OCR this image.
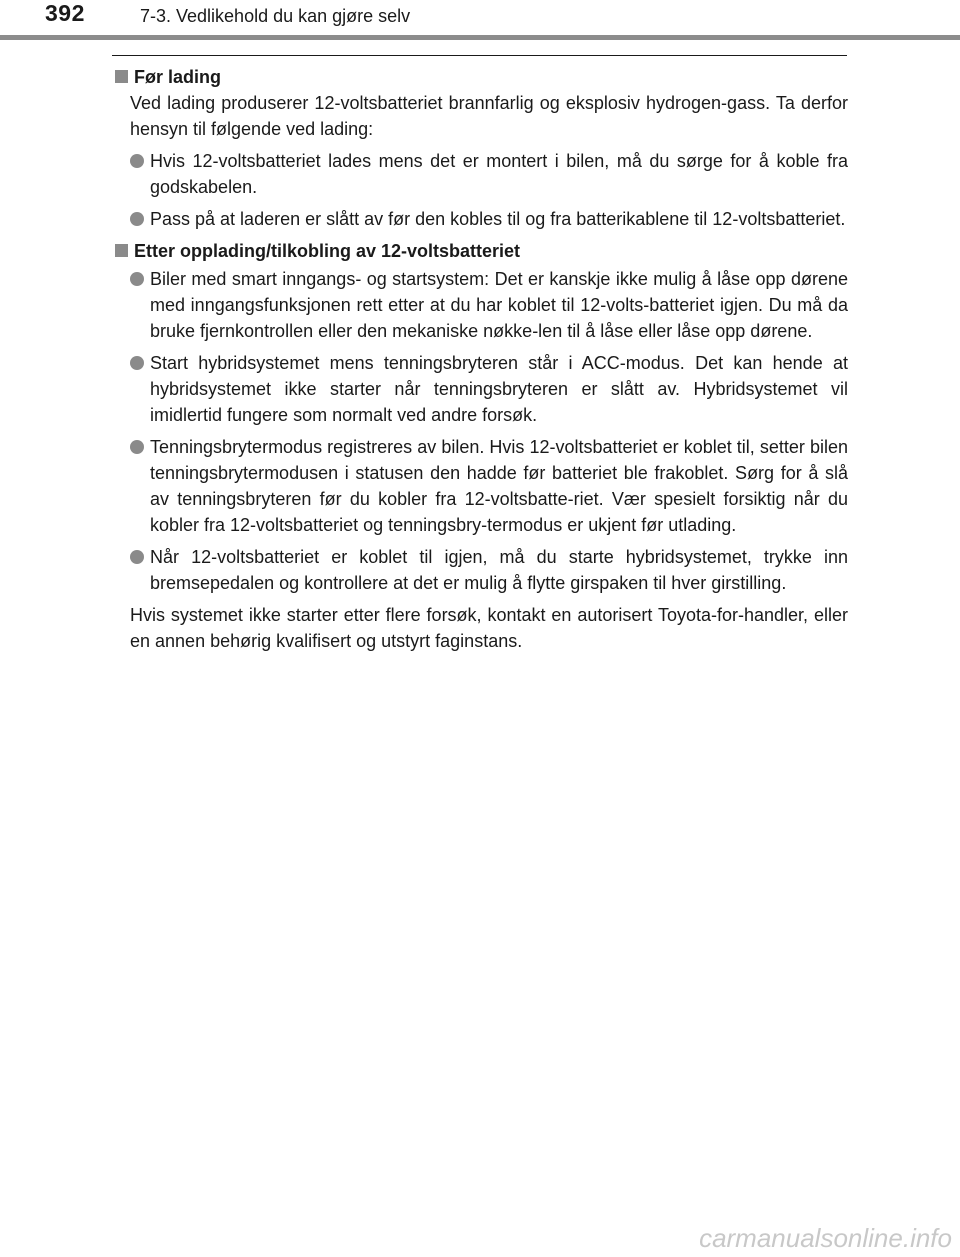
392	7-3. Vedlikehold du kan gjøre selv
Før lading

Ved lading produserer 12-voltsbatteriet brannfarlig og eksplosiv hydrogen-gass. Ta derfor hensyn til følgende ved lading:

Hvis 12-voltsbatteriet lades mens det er montert i bilen, må du sørge for å koble fra godskabelen.
Pass på at laderen er slått av før den kobles til og fra batterikablene til 12-voltsbatteriet.
Etter opplading/tilkobling av 12-voltsbatteriet
Biler med smart inngangs- og startsystem: Det er kanskje ikke mulig å låse opp dørene med inngangsfunksjonen rett etter at du har koblet til 12-volts-batteriet igjen. Du må da bruke fjernkontrollen eller den mekaniske nøkke-len til å låse eller låse opp dørene.
Start hybridsystemet mens tenningsbryteren står i ACC-modus. Det kan hende at hybridsystemet ikke starter når tenningsbryteren er slått av. Hybridsystemet vil imidlertid fungere som normalt ved andre forsøk.
Tenningsbrytermodus registreres av bilen. Hvis 12-voltsbatteriet er koblet til, setter bilen tenningsbrytermodusen i statusen den hadde før batteriet ble frakoblet. Sørg for å slå av tenningsbryteren før du kobler fra 12-voltsbatte-riet. Vær spesielt forsiktig når du kobler fra 12-voltsbatteriet og tenningsbry-termodus er ukjent før utlading.
Når 12-voltsbatteriet er koblet til igjen, må du starte hybridsystemet, trykke inn bremsepedalen og kontrollere at det er mulig å flytte girspaken til hver girstilling.

Hvis systemet ikke starter etter flere forsøk, kontakt en autorisert Toyota-for-handler, eller en annen behørig kvalifisert og utstyrt faginstans.

carmanualsonline.info
